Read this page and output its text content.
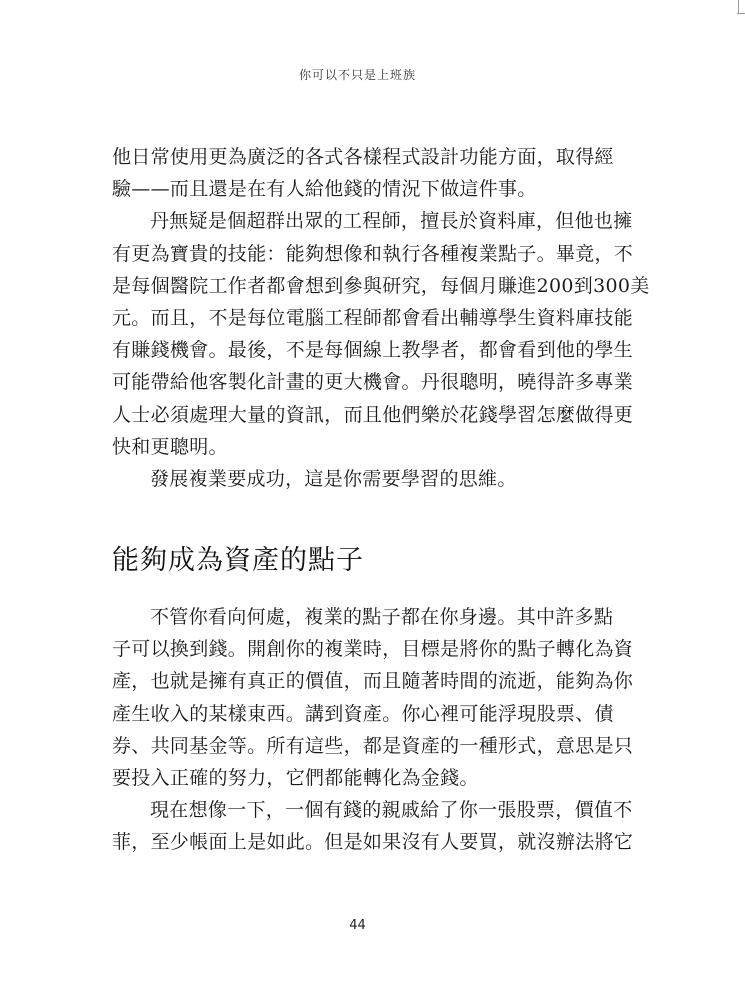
你可以不只是上班族
他日常使用更為廣泛的各式各樣程式設計功能方面，取得經
驗——而且還是在有人給他錢的情況下做這件事。
丹無疑是個超群出眾的工程師，擅長於資料庫，但他也擁
有更為寶貴的技能：能夠想像和執行各種複業點子。畢竟，不
是每個醫院工作者都會想到參與研究，每個月賺進200到300美
元。而且，不是每位電腦工程師都會看出輔導學生資料庫技能
有賺錢機會。最後，不是每個線上教學者，都會看到他的學生
可能帶給他客製化計畫的更大機會。丹很聰明，曉得許多專業
人士必須處理大量的資訊，而且他們樂於花錢學習怎麼做得更
快和更聰明。
發展複業要成功，這是你需要學習的思維。
能夠成為資產的點子
不管你看向何處，複業的點子都在你身邊。其中許多點
子可以換到錢。開創你的複業時，目標是將你的點子轉化為資
產，也就是擁有真正的價值，而且隨著時間的流逝，能夠為你
產生收入的某樣東西。講到資產。你心裡可能浮現股票、債
券、共同基金等。所有這些，都是資產的一種形式，意思是只
要投入正確的努力，它們都能轉化為金錢。
現在想像一下，一個有錢的親戚給了你一張股票，價值不
菲，至少帳面上是如此。但是如果沒有人要買，就沒辦法將它
44
